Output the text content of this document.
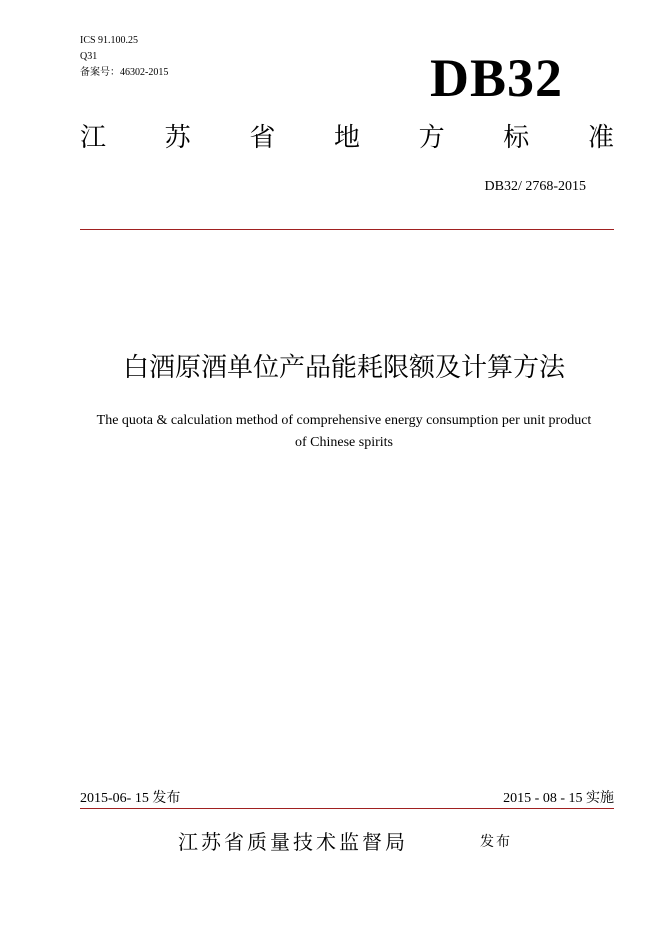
ICS 91.100.25
Q31
备案号：46302-2015	DB32
江 苏 省 地 方 标 准
DB32/ 2768-2015
白酒原酒单位产品能耗限额及计算方法
The quota & calculation method of comprehensive energy consumption per unit product
of Chinese spirits
2015-06- 15 发布	2015 - 08 - 15 实施
江苏省质量技术监督局	发布
